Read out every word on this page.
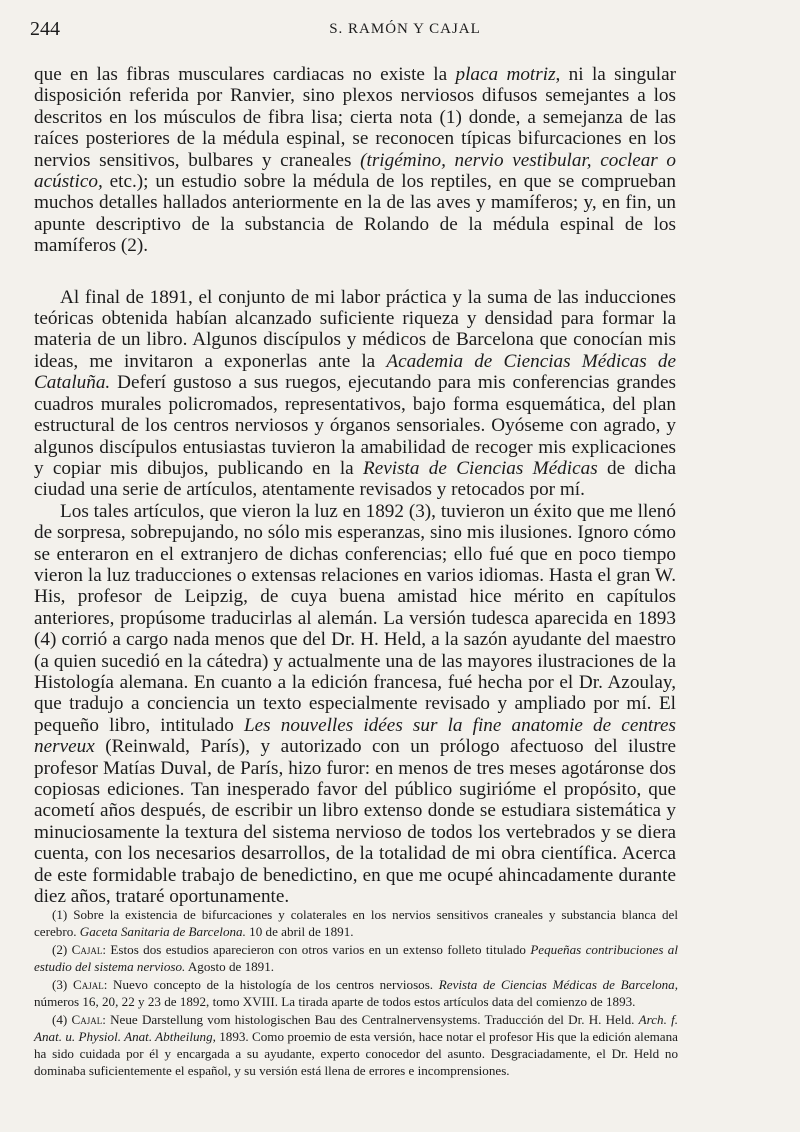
244	S. RAMÓN Y CAJAL

que en las fibras musculares cardiacas no existe la placa motriz, ni la singular disposición referida por Ranvier, sino plexos nerviosos difusos semejantes a los descritos en los músculos de fibra lisa; cierta nota (1) donde, a semejanza de las raíces posteriores de la médula espinal, se reconocen típicas bifurcaciones en los nervios sensitivos, bulbares y craneales (trigémino, nervio vestibular, coclear o acústico, etc.); un estudio sobre la médula de los reptiles, en que se comprueban muchos detalles hallados anteriormente en la de las aves y mamíferos; y, en fin, un apunte descriptivo de la substancia de Rolando de la médula espinal de los mamíferos (2).

Al final de 1891, el conjunto de mi labor práctica y la suma de las inducciones teóricas obtenida habían alcanzado suficiente riqueza y densidad para formar la materia de un libro. Algunos discípulos y médicos de Barcelona que conocían mis ideas, me invitaron a exponerlas ante la Academia de Ciencias Médicas de Cataluña. Deferí gustoso a sus ruegos, ejecutando para mis conferencias grandes cuadros murales policromados, representativos, bajo forma esquemática, del plan estructural de los centros nerviosos y órganos sensoriales. Oyóseme con agrado, y algunos discípulos entusiastas tuvieron la amabilidad de recoger mis explicaciones y copiar mis dibujos, publicando en la Revista de Ciencias Médicas de dicha ciudad una serie de artículos, atentamente revisados y retocados por mí.

Los tales artículos, que vieron la luz en 1892 (3), tuvieron un éxito que me llenó de sorpresa, sobrepujando, no sólo mis esperanzas, sino mis ilusiones. Ignoro cómo se enteraron en el extranjero de dichas conferencias; ello fué que en poco tiempo vieron la luz traducciones o extensas relaciones en varios idiomas. Hasta el gran W. His, profesor de Leipzig, de cuya buena amistad hice mérito en capítulos anteriores, propúsome traducirlas al alemán. La versión tudesca aparecida en 1893 (4) corrió a cargo nada menos que del Dr. H. Held, a la sazón ayudante del maestro (a quien sucedió en la cátedra) y actualmente una de las mayores ilustraciones de la Histología alemana. En cuanto a la edición francesa, fué hecha por el Dr. Azoulay, que tradujo a conciencia un texto especialmente revisado y ampliado por mí. El pequeño libro, intitulado Les nouvelles idées sur la fine anatomie de centres nerveux (Reinwald, París), y autorizado con un prólogo afectuoso del ilustre profesor Matías Duval, de París, hizo furor: en menos de tres meses agotáronse dos copiosas ediciones. Tan inesperado favor del público sugirióme el propósito, que acometí años después, de escribir un libro extenso donde se estudiara sistemática y minuciosamente la textura del sistema nervioso de todos los vertebrados y se diera cuenta, con los necesarios desarrollos, de la totalidad de mi obra científica. Acerca de este formidable trabajo de benedictino, en que me ocupé ahincadamente durante diez años, trataré oportunamente.

(1) Sobre la existencia de bifurcaciones y colaterales en los nervios sensitivos craneales y substancia blanca del cerebro. Gaceta Sanitaria de Barcelona. 10 de abril de 1891.

(2) Cajal: Estos dos estudios aparecieron con otros varios en un extenso folleto titulado Pequeñas contribuciones al estudio del sistema nervioso. Agosto de 1891.

(3) Cajal: Nuevo concepto de la histología de los centros nerviosos. Revista de Ciencias Médicas de Barcelona, números 16, 20, 22 y 23 de 1892, tomo XVIII. La tirada aparte de todos estos artículos data del comienzo de 1893.

(4) Cajal: Neue Darstellung vom histologischen Bau des Centralnervensystems. Traducción del Dr. H. Held. Arch. f. Anat. u. Physiol. Anat. Abtheilung, 1893. Como proemio de esta versión, hace notar el profesor His que la edición alemana ha sido cuidada por él y encargada a su ayudante, experto conocedor del asunto. Desgraciadamente, el Dr. Held no dominaba suficientemente el español, y su versión está llena de errores e incomprensiones.
